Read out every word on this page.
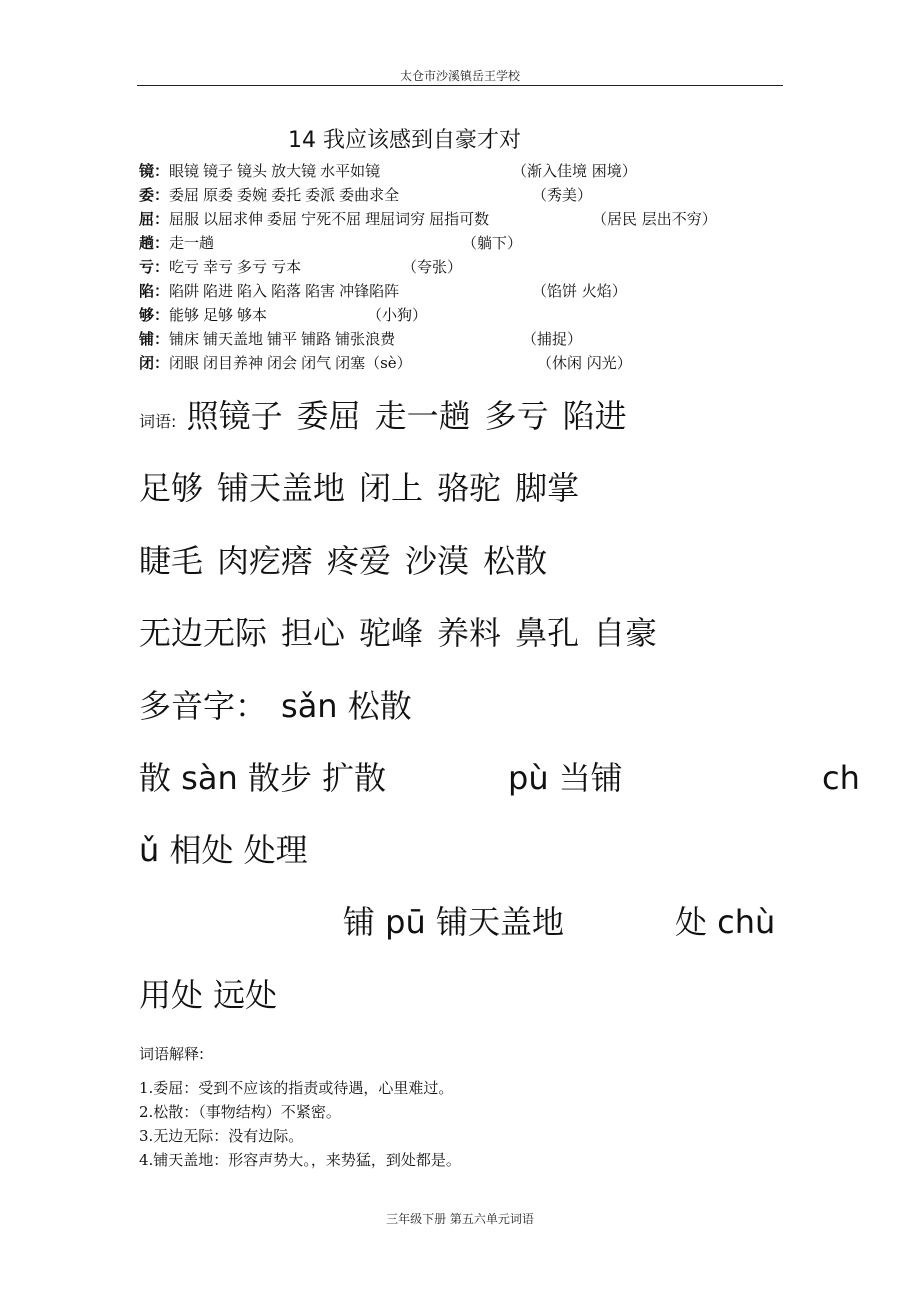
太仓市沙溪镇岳王学校
14 我应该感到自豪才对
镜：眼镜 镜子 镜头 放大镜 水平如镜	（渐入佳境 困境）
委：委屈 原委 委婉 委托 委派 委曲求全	（秀美）
屈：屈服 以屈求伸 委屈 宁死不屈 理屈词穷 屈指可数	（居民 层出不穷）
趟：走一趟	（躺下）
亏：吃亏 幸亏 多亏 亏本	（夸张）
陷：陷阱 陷进 陷入 陷落 陷害 冲锋陷阵	（馅饼 火焰）
够：能够 足够 够本	（小狗）
铺：铺床 铺天盖地 铺平 铺路 铺张浪费	（捕捉）
闭：闭眼 闭目养神 闭会 闭气 闭塞（sè）	（休闲 闪光）
词语: 照镜子 委屈 走一趟 多亏 陷进
足够 铺天盖地 闭上 骆驼 脚掌
睫毛 肉疙瘩 疼爱 沙漠 松散
无边无际 担心 驼峰 养料 鼻孔 自豪
多音字： sǎn 松散
散 sàn 散步 扩散	pù 当铺	ch
ǔ 相处 处理
铺 pū 铺天盖地	处 chù
用处 远处
词语解释:
1.委屈：受到不应该的指责或待遇，心里难过。
2.松散：（事物结构）不紧密。
3.无边无际：没有边际。
4.铺天盖地：形容声势大。，来势猛，到处都是。
三年级下册 第五六单元词语
